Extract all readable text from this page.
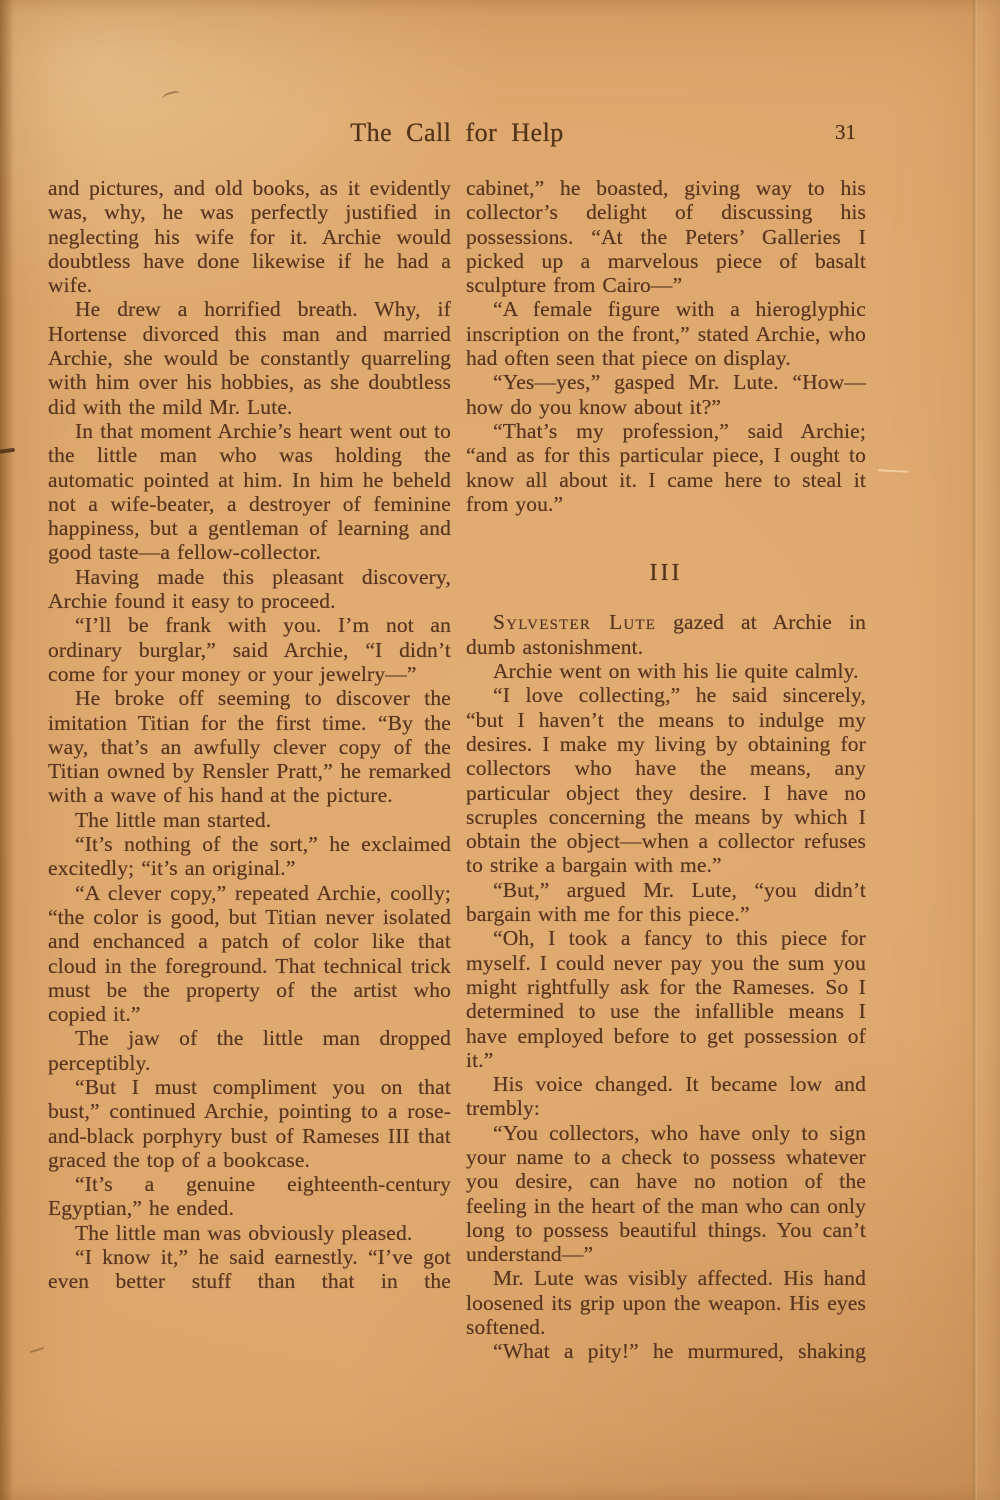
The Call for Help	31

and pictures, and old books, as it evidently was, why, he was perfectly justified in neglecting his wife for it. Archie would doubtless have done likewise if he had a wife.

He drew a horrified breath. Why, if Hortense divorced this man and married Archie, she would be constantly quarreling with him over his hobbies, as she doubtless did with the mild Mr. Lute.

In that moment Archie’s heart went out to the little man who was holding the automatic pointed at him. In him he beheld not a wife-beater, a destroyer of feminine happiness, but a gentleman of learning and good taste—a fellow-collector.

Having made this pleasant discovery, Archie found it easy to proceed.

“I’ll be frank with you. I’m not an ordinary burglar,” said Archie, “I didn’t come for your money or your jewelry—”

He broke off seeming to discover the imitation Titian for the first time. “By the way, that’s an awfully clever copy of the Titian owned by Rensler Pratt,” he remarked with a wave of his hand at the picture.

The little man started.

“It’s nothing of the sort,” he exclaimed excitedly; “it’s an original.”

“A clever copy,” repeated Archie, coolly; “the color is good, but Titian never isolated and enchanced a patch of color like that cloud in the foreground. That technical trick must be the property of the artist who copied it.”

The jaw of the little man dropped perceptibly.

“But I must compliment you on that bust,” continued Archie, pointing to a rose-and-black porphyry bust of Rameses III that graced the top of a bookcase.

“It’s a genuine eighteenth-century Egyptian,” he ended.

The little man was obviously pleased.

“I know it,” he said earnestly. “I’ve got even better stuff than that in the

cabinet,” he boasted, giving way to his collector’s delight of discussing his possessions. “At the Peters’ Galleries I picked up a marvelous piece of basalt sculpture from Cairo—”

“A female figure with a hieroglyphic inscription on the front,” stated Archie, who had often seen that piece on display.

“Yes—yes,” gasped Mr. Lute. “How—how do you know about it?”

“That’s my profession,” said Archie; “and as for this particular piece, I ought to know all about it. I came here to steal it from you.”

III

Sylvester Lute gazed at Archie in dumb astonishment.

Archie went on with his lie quite calmly.

“I love collecting,” he said sincerely, “but I haven’t the means to indulge my desires. I make my living by obtaining for collectors who have the means, any particular object they desire. I have no scruples concerning the means by which I obtain the object—when a collector refuses to strike a bargain with me.”

“But,” argued Mr. Lute, “you didn’t bargain with me for this piece.”

“Oh, I took a fancy to this piece for myself. I could never pay you the sum you might rightfully ask for the Rameses. So I determined to use the infallible means I have employed before to get possession of it.”

His voice changed. It became low and trembly:

“You collectors, who have only to sign your name to a check to possess whatever you desire, can have no notion of the feeling in the heart of the man who can only long to possess beautiful things. You can’t understand—”

Mr. Lute was visibly affected. His hand loosened its grip upon the weapon. His eyes softened.

“What a pity!” he murmured, shaking
